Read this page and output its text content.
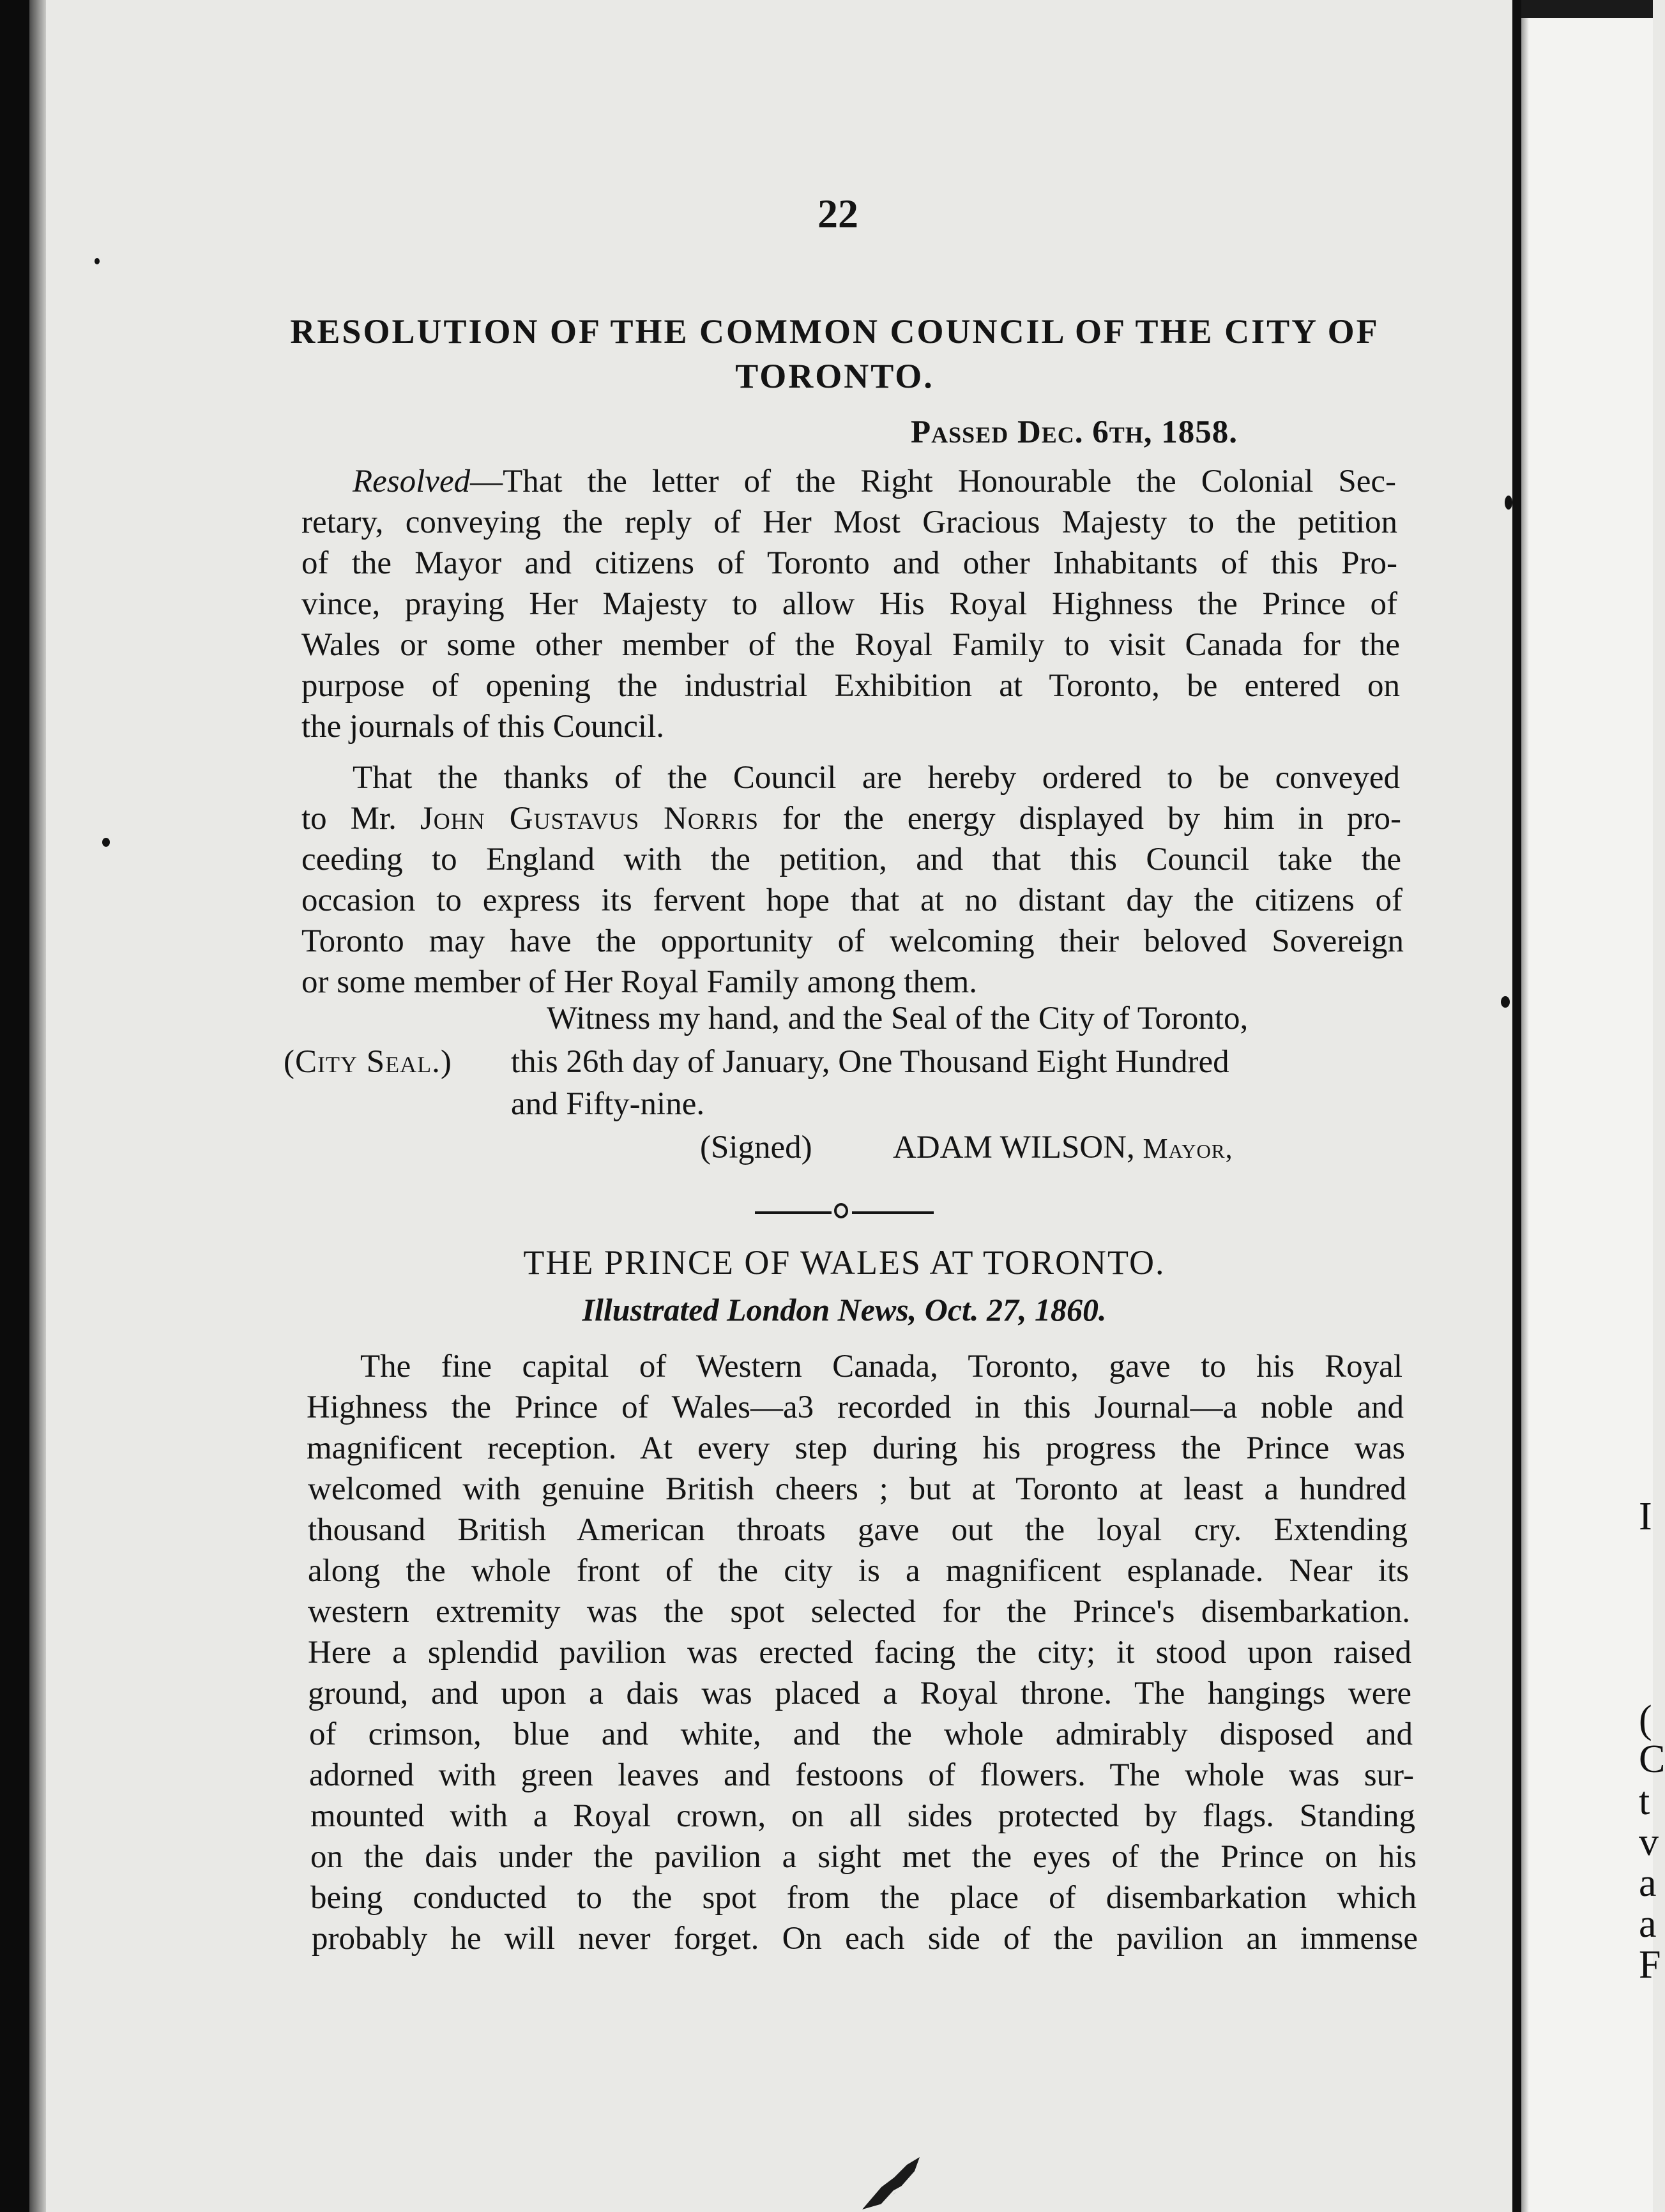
22
RESOLUTION OF THE COMMON COUNCIL OF THE CITY OF
TORONTO.
Passed Dec. 6th, 1858.
Resolved—That the letter of the Right Honourable the Colonial Sec-
retary, conveying the reply of Her Most Gracious Majesty to the petition
of the Mayor and citizens of Toronto and other Inhabitants of this Pro-
vince, praying Her Majesty to allow His Royal Highness the Prince of
Wales or some other member of the Royal Family to visit Canada for the
purpose of opening the industrial Exhibition at Toronto, be entered on
the journals of this Council.
That the thanks of the Council are hereby ordered to be conveyed
to Mr. John Gustavus Norris for the energy displayed by him in pro-
ceeding to England with the petition, and that this Council take the
occasion to express its fervent hope that at no distant day the citizens of
Toronto may have the opportunity of welcoming their beloved Sovereign
or some member of Her Royal Family among them.
Witness my hand, and the Seal of the City of Toronto,
(City Seal.) this 26th day of January, One Thousand Eight Hundred
and Fifty-nine.
(Signed) ADAM WILSON, Mayor,
THE PRINCE OF WALES AT TORONTO.
Illustrated London News, Oct. 27, 1860.
The fine capital of Western Canada, Toronto, gave to his Royal
Highness the Prince of Wales—a3 recorded in this Journal—a noble and
magnificent reception. At every step during his progress the Prince was
welcomed with genuine British cheers ; but at Toronto at least a hundred
thousand British American throats gave out the loyal cry. Extending
along the whole front of the city is a magnificent esplanade. Near its
western extremity was the spot selected for the Prince's disembarkation.
Here a splendid pavilion was erected facing the city; it stood upon raised
ground, and upon a dais was placed a Royal throne. The hangings were
of crimson, blue and white, and the whole admirably disposed and
adorned with green leaves and festoons of flowers. The whole was sur-
mounted with a Royal crown, on all sides protected by flags. Standing
on the dais under the pavilion a sight met the eyes of the Prince on his
being conducted to the spot from the place of disembarkation which
probably he will never forget. On each side of the pavilion an immense
I
(
C
t
v
a
a
F
